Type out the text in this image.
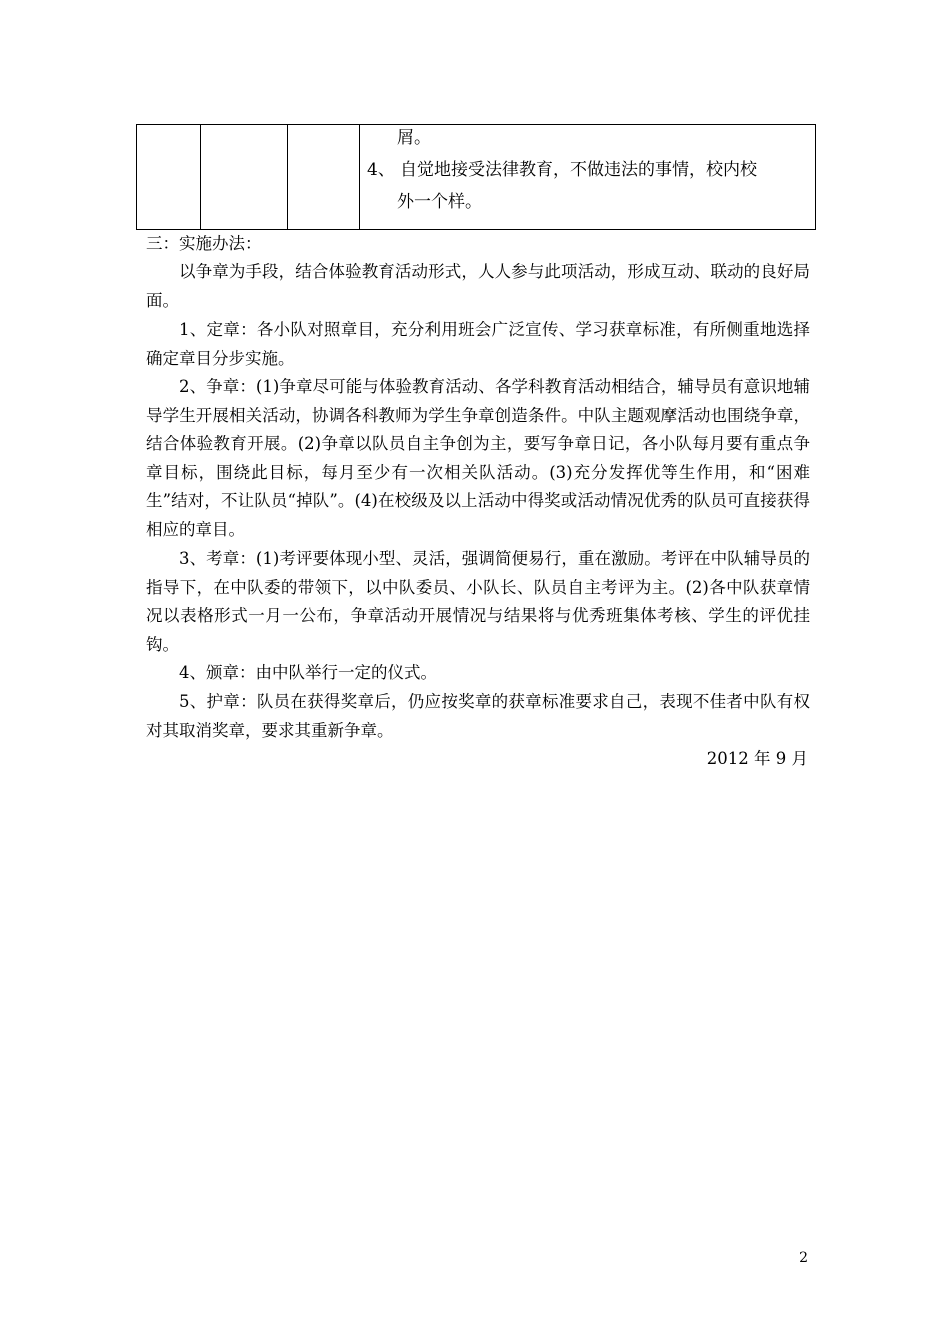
屑。
4、 自觉地接受法律教育，不做违法的事情，校内校
外一个样。
三：实施办法：
以争章为手段，结合体验教育活动形式，人人参与此项活动，形成互动、联动的良好局面。
1、定章：各小队对照章目，充分利用班会广泛宣传、学习获章标准，有所侧重地选择确定章目分步实施。
2、争章：(1)争章尽可能与体验教育活动、各学科教育活动相结合，辅导员有意识地辅导学生开展相关活动，协调各科教师为学生争章创造条件。中队主题观摩活动也围绕争章，结合体验教育开展。(2)争章以队员自主争创为主，要写争章日记，各小队每月要有重点争章目标，围绕此目标，每月至少有一次相关队活动。(3)充分发挥优等生作用，和“困难生”结对，不让队员“掉队”。(4)在校级及以上活动中得奖或活动情况优秀的队员可直接获得相应的章目。
3、考章：(1)考评要体现小型、灵活，强调简便易行，重在激励。考评在中队辅导员的指导下，在中队委的带领下，以中队委员、小队长、队员自主考评为主。(2)各中队获章情况以表格形式一月一公布，争章活动开展情况与结果将与优秀班集体考核、学生的评优挂钩。
4、颁章：由中队举行一定的仪式。
5、护章：队员在获得奖章后，仍应按奖章的获章标准要求自己，表现不佳者中队有权对其取消奖章，要求其重新争章。
2012 年 9 月
2
